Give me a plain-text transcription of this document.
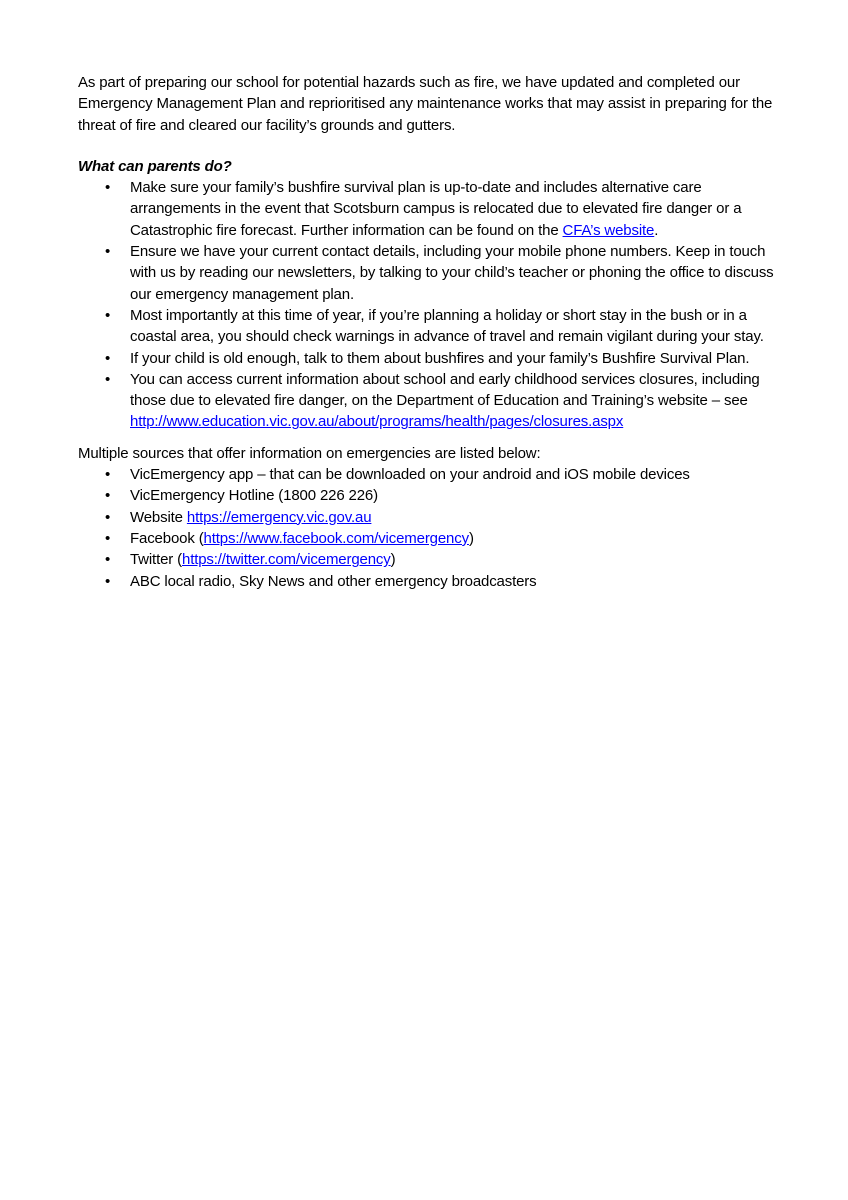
As part of preparing our school for potential hazards such as fire, we have updated and completed our Emergency Management Plan and reprioritised any maintenance works that may assist in preparing for the threat of fire and cleared our facility’s grounds and gutters.

What can parents do?

•	Make sure your family’s bushfire survival plan is up-to-date and includes alternative care arrangements in the event that Scotsburn campus is relocated due to elevated fire danger or a Catastrophic fire forecast. Further information can be found on the CFA’s website.
•	Ensure we have your current contact details, including your mobile phone numbers. Keep in touch with us by reading our newsletters, by talking to your child’s teacher or phoning the office to discuss our emergency management plan.
•	Most importantly at this time of year, if you’re planning a holiday or short stay in the bush or in a coastal area, you should check warnings in advance of travel and remain vigilant during your stay.
•	If your child is old enough, talk to them about bushfires and your family’s Bushfire Survival Plan.
•	You can access current information about school and early childhood services closures, including those due to elevated fire danger, on the Department of Education and Training’s website – see
http://www.education.vic.gov.au/about/programs/health/pages/closures.aspx

Multiple sources that offer information on emergencies are listed below:

•	VicEmergency app – that can be downloaded on your android and iOS mobile devices
•	VicEmergency Hotline (1800 226 226)
•	Website https://emergency.vic.gov.au
•	Facebook (https://www.facebook.com/vicemergency)
•	Twitter (https://twitter.com/vicemergency)
•	ABC local radio, Sky News and other emergency broadcasters
